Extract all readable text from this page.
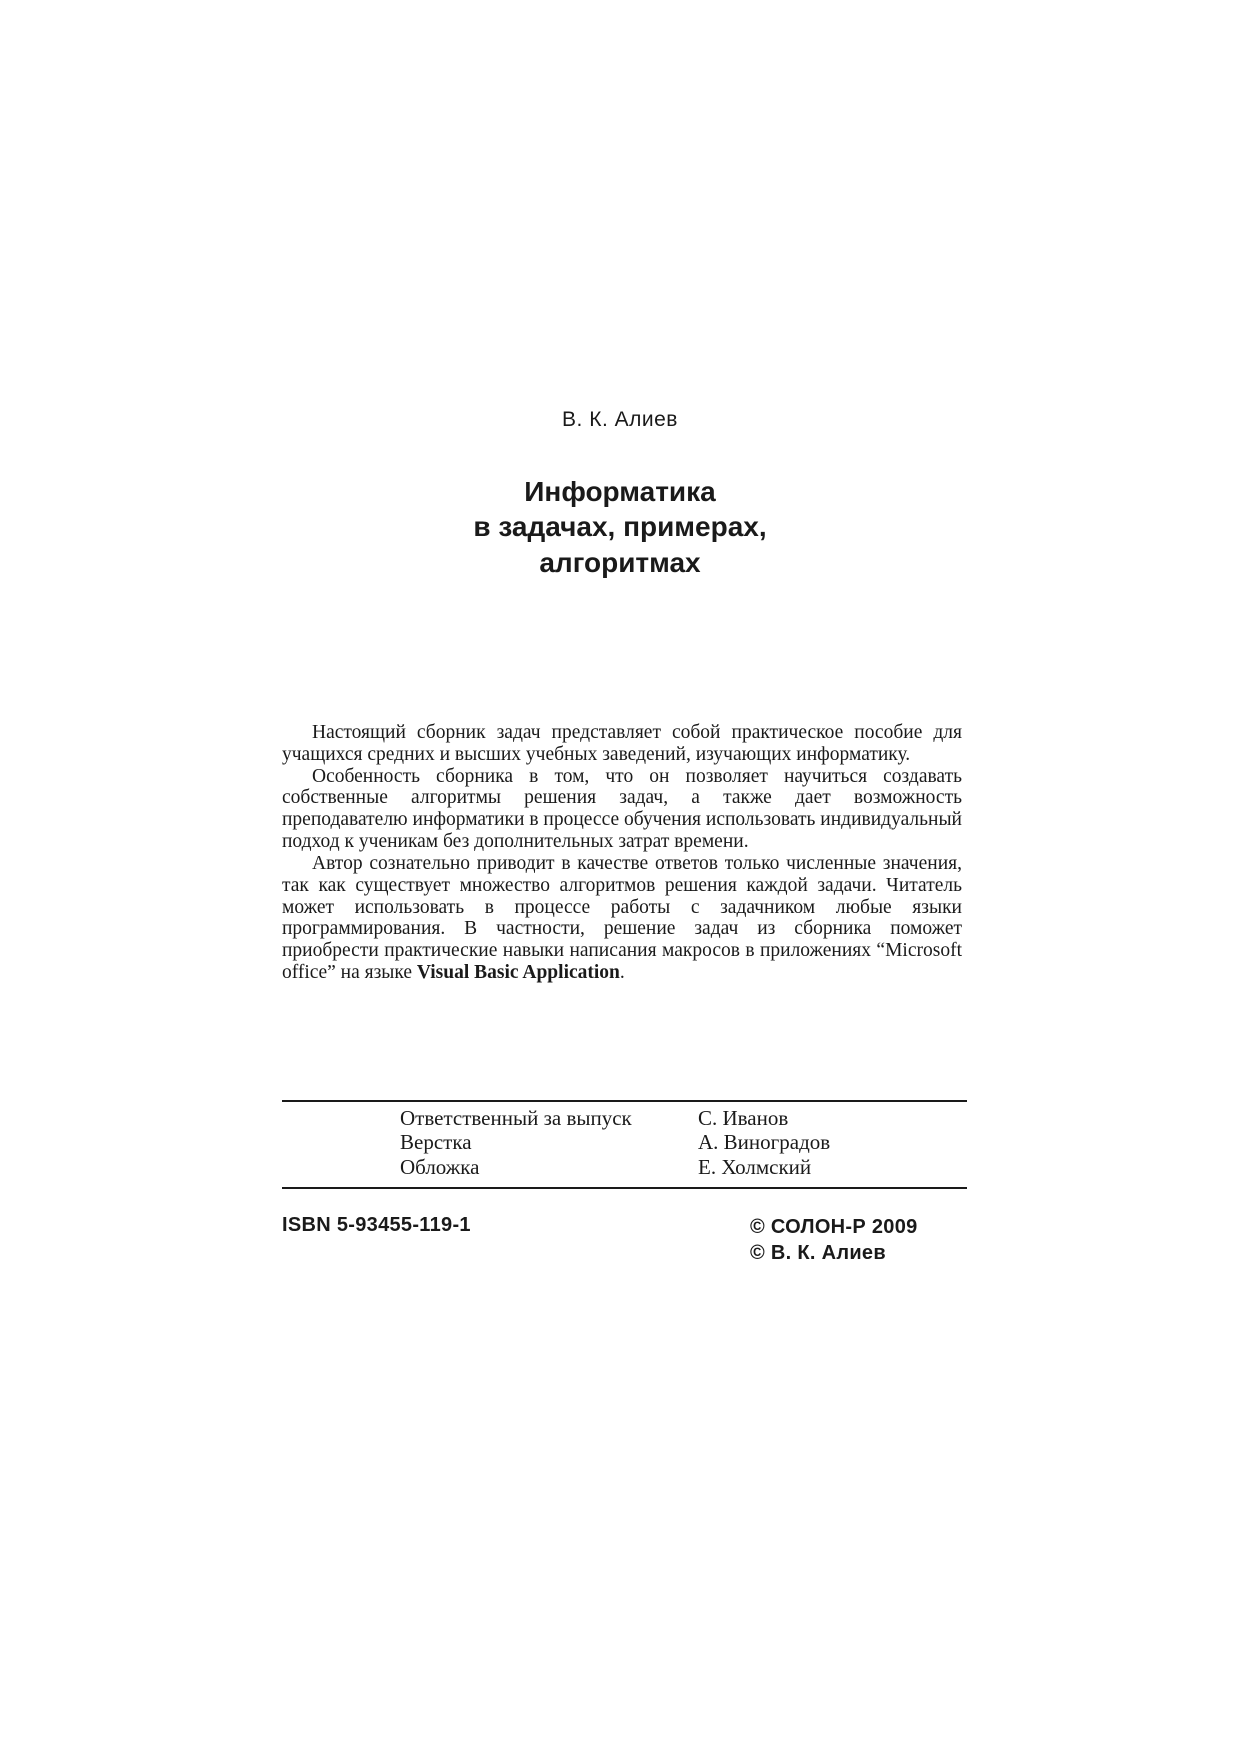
В. К. Алиев
Информатика
в задачах, примерах,
алгоритмах

Настоящий сборник задач представляет собой практическое пособие для учащихся средних и высших учебных заведений, изучающих информатику.

Особенность сборника в том, что он позволяет научиться создавать собственные алгоритмы решения задач, а также дает возможность преподавателю информатики в процессе обучения использовать индивидуальный подход к ученикам без дополнительных затрат времени.

Автор сознательно приводит в качестве ответов только численные значения, так как существует множество алгоритмов решения каждой задачи. Читатель может использовать в процессе работы с задачником любые языки программирования. В частности, решение задач из сборника поможет приобрести практические навыки написания макросов в приложениях “Microsoft office” на языке Visual Basic Application.

Ответственный за выпуск	С. Иванов
Верстка	А. Виноградов
Обложка	Е. Холмский
ISBN 5-93455-119-1	© СОЛОН-Р 2009
© В. К. Алиев
